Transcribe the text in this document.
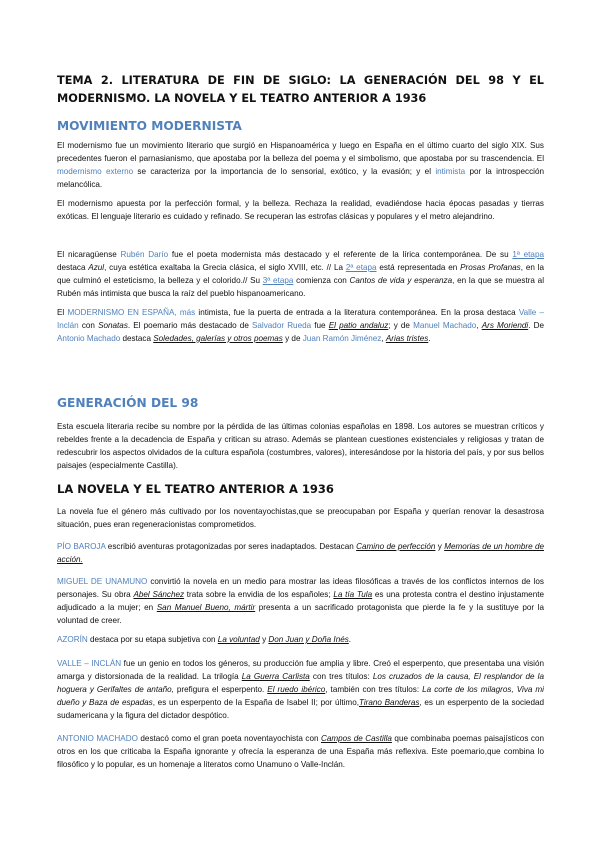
TEMA 2. LITERATURA DE FIN DE SIGLO: LA GENERACIÓN DEL 98 Y EL MODERNISMO. LA NOVELA Y EL TEATRO ANTERIOR A 1936
MOVIMIENTO MODERNISTA
El modernismo fue un movimiento literario que surgió en Hispanoamérica y luego en España en el último cuarto del siglo XIX. Sus precedentes fueron el parnasianismo, que apostaba por la belleza del poema y el simbolismo, que apostaba por su trascendencia. El modernismo externo se caracteriza por la importancia de lo sensorial, exótico, y la evasión; y el intimista por la introspección melancólica.
El modernismo apuesta por la perfección formal, y la belleza. Rechaza la realidad, evadiéndose hacia épocas pasadas y tierras exóticas. El lenguaje literario es cuidado y refinado. Se recuperan las estrofas clásicas y populares y el metro alejandrino.
El nicaragüense Rubén Darío fue el poeta modernista más destacado y el referente de la lírica contemporánea. De su 1ª etapa destaca Azul, cuya estética exaltaba la Grecia clásica, el siglo XVIII, etc. // La 2ª etapa está representada en Prosas Profanas, en la que culminó el esteticismo, la belleza y el colorido.// Su 3ª etapa comienza con Cantos de vida y esperanza, en la que se muestra al Rubén más intimista que busca la raíz del pueblo hispanoamericano.
El MODERNISMO EN ESPAÑA, más intimista, fue la puerta de entrada a la literatura contemporánea. En la prosa destaca Valle – Inclán con Sonatas. El poemario más destacado de Salvador Rueda fue El patio andaluz; y de Manuel Machado, Ars Moriendi. De Antonio Machado destaca Soledades, galerías y otros poemas y de Juan Ramón Jiménez, Arias tristes.
GENERACIÓN DEL 98
Esta escuela literaria recibe su nombre por la pérdida de las últimas colonias españolas en 1898. Los autores se muestran críticos y rebeldes frente a la decadencia de España y critican su atraso. Además se plantean cuestiones existenciales y religiosas y tratan de redescubrir los aspectos olvidados de la cultura española (costumbres, valores), interesándose por la historia del país, y por sus bellos paisajes (especialmente Castilla).
LA NOVELA Y EL TEATRO ANTERIOR A 1936
La novela fue el género más cultivado por los noventayochistas,que se preocupaban por España y querían renovar la desastrosa situación, pues eran regeneracionistas comprometidos.
PÍO BAROJA escribió aventuras protagonizadas por seres inadaptados. Destacan Camino de perfección y Memorias de un hombre de acción.
MIGUEL DE UNAMUNO convirtió la novela en un medio para mostrar las ideas filosóficas a través de los conflictos internos de los personajes. Su obra Abel Sánchez trata sobre la envidia de los españoles; La tía Tula es una protesta contra el destino injustamente adjudicado a la mujer; en San Manuel Bueno, mártir presenta a un sacrificado protagonista que pierde la fe y la sustituye por la voluntad de creer.
AZORÍN destaca por su etapa subjetiva con La voluntad y Don Juan y Doña Inés.
VALLE – INCLÁN fue un genio en todos los géneros, su producción fue amplia y libre. Creó el esperpento, que presentaba una visión amarga y distorsionada de la realidad. La trilogía La Guerra Carlista con tres títulos: Los cruzados de la causa, El resplandor de la hoguera y Gerifaltes de antaño, prefigura el esperpento. El ruedo ibérico, también con tres títulos: La corte de los milagros, Viva mi dueño y Baza de espadas, es un esperpento de la España de Isabel II; por último,Tirano Banderas, es un esperpento de la sociedad sudamericana y la figura del dictador despótico.
ANTONIO MACHADO destacó como el gran poeta noventayochista con Campos de Castilla que combinaba poemas paisajísticos con otros en los que criticaba la España ignorante y ofrecía la esperanza de una España más reflexiva. Este poemario,que combina lo filosófico y lo popular, es un homenaje a literatos como Unamuno o Valle-Inclán.
